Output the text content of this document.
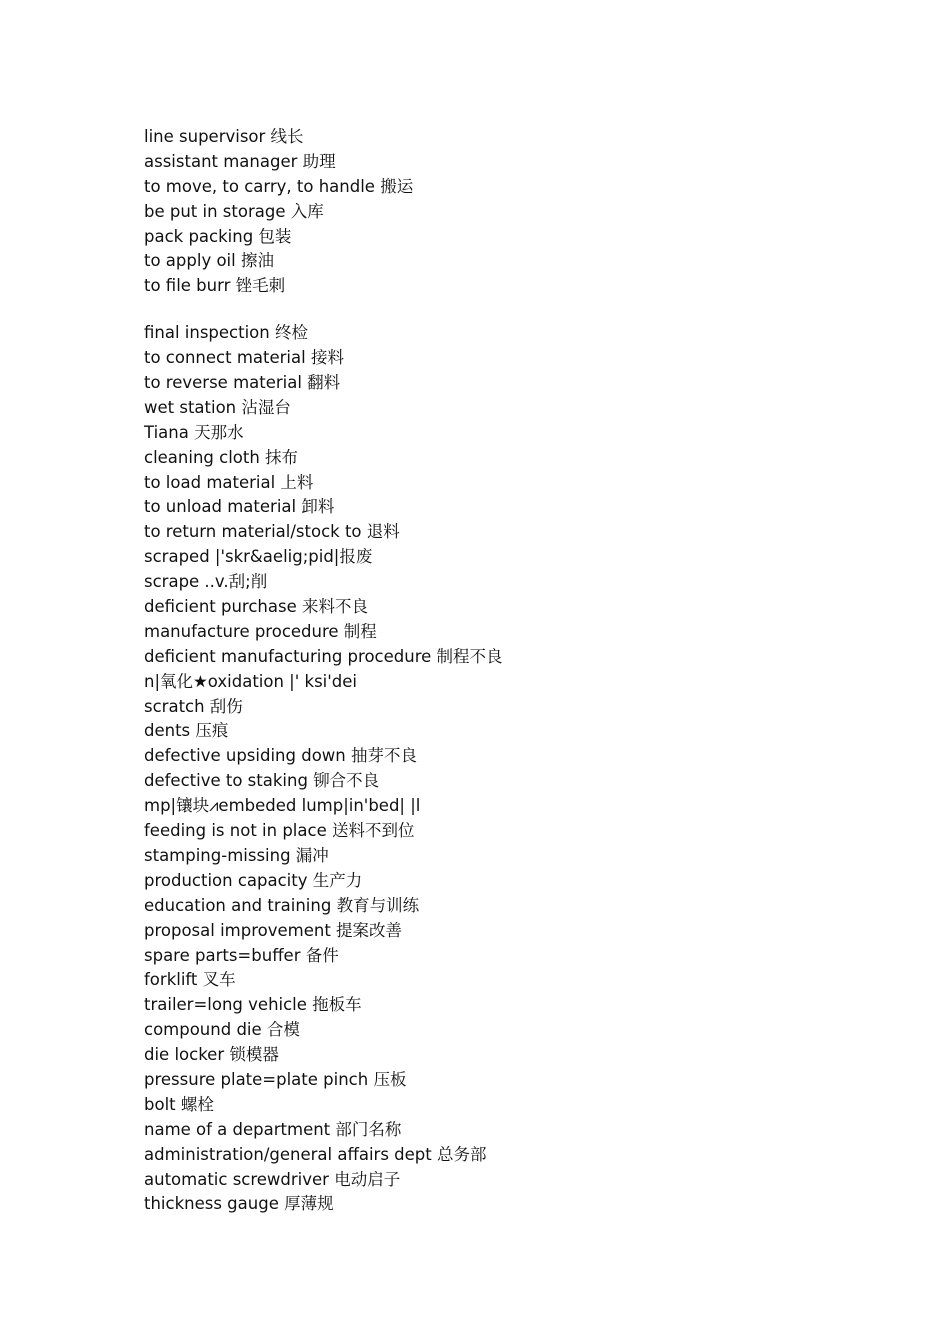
line supervisor 线长
assistant manager 助理
to move, to carry, to handle 搬运
be put in storage 入库
pack packing 包装
to apply oil 擦油
to file burr 锉毛刺
final inspection 终检
to connect material 接料
to reverse material 翻料
wet station 沾湿台
Tiana 天那水
cleaning cloth 抹布
to load material 上料
to unload material 卸料
to return material/stock to 退料
scraped |'skr&aelig;pid|报废
scrape ..v.刮;削
deficient purchase 来料不良
manufacture procedure 制程
deficient manufacturing procedure 制程不良
n|氧化★oxidation |' ksi'dei
scratch 刮伤
dents 压痕
defective upsiding down 抽芽不良
defective to staking 铆合不良
mp|镶块⩘embeded lump|in'bed| |l
feeding is not in place 送料不到位
stamping-missing 漏冲
production capacity 生产力
education and training 教育与训练
proposal improvement 提案改善
spare parts=buffer 备件
forklift 叉车
trailer=long vehicle 拖板车
compound die 合模
die locker 锁模器
pressure plate=plate pinch 压板
bolt 螺栓
name of a department 部门名称
administration/general affairs dept 总务部
automatic screwdriver 电动启子
thickness gauge 厚薄规
